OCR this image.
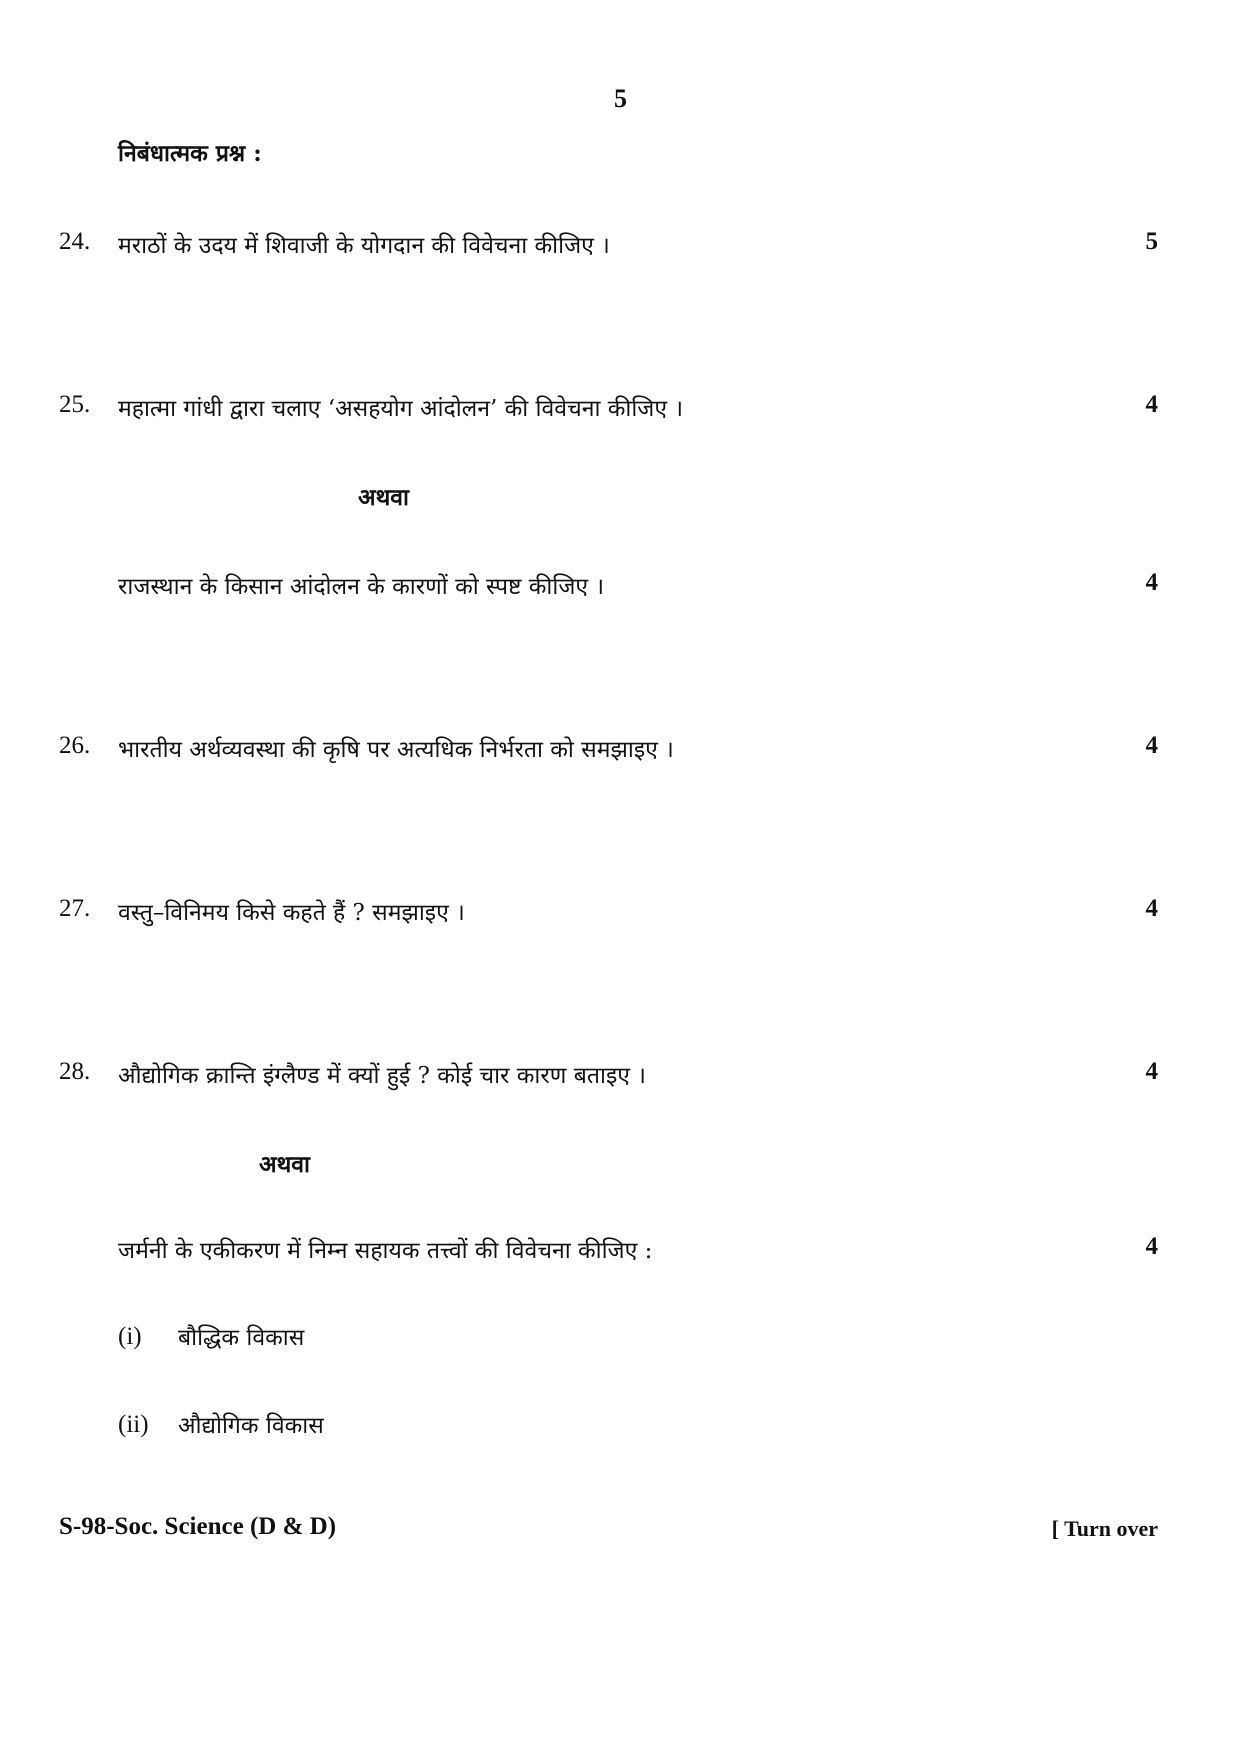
5
निबंधात्मक प्रश्न :
24.	मराठों के उदय में शिवाजी के योगदान की विवेचना कीजिए ।	5
25.	महात्मा गांधी द्वारा चलाए ‘असहयोग आंदोलन’ की विवेचना कीजिए ।	4
अथवा
राजस्थान के किसान आंदोलन के कारणों को स्पष्ट कीजिए ।	4
26.	भारतीय अर्थव्यवस्था की कृषि पर अत्यधिक निर्भरता को समझाइए ।	4
27.	वस्तु–विनिमय किसे कहते हैं ? समझाइए ।	4
28.	औद्योगिक क्रान्ति इंग्लैण्ड में क्यों हुई ? कोई चार कारण बताइए ।	4
अथवा
जर्मनी के एकीकरण में निम्न सहायक तत्त्वों की विवेचना कीजिए :	4
(i) बौद्धिक विकास
(ii) औद्योगिक विकास
S-98-Soc. Science (D & D)	[ Turn over
